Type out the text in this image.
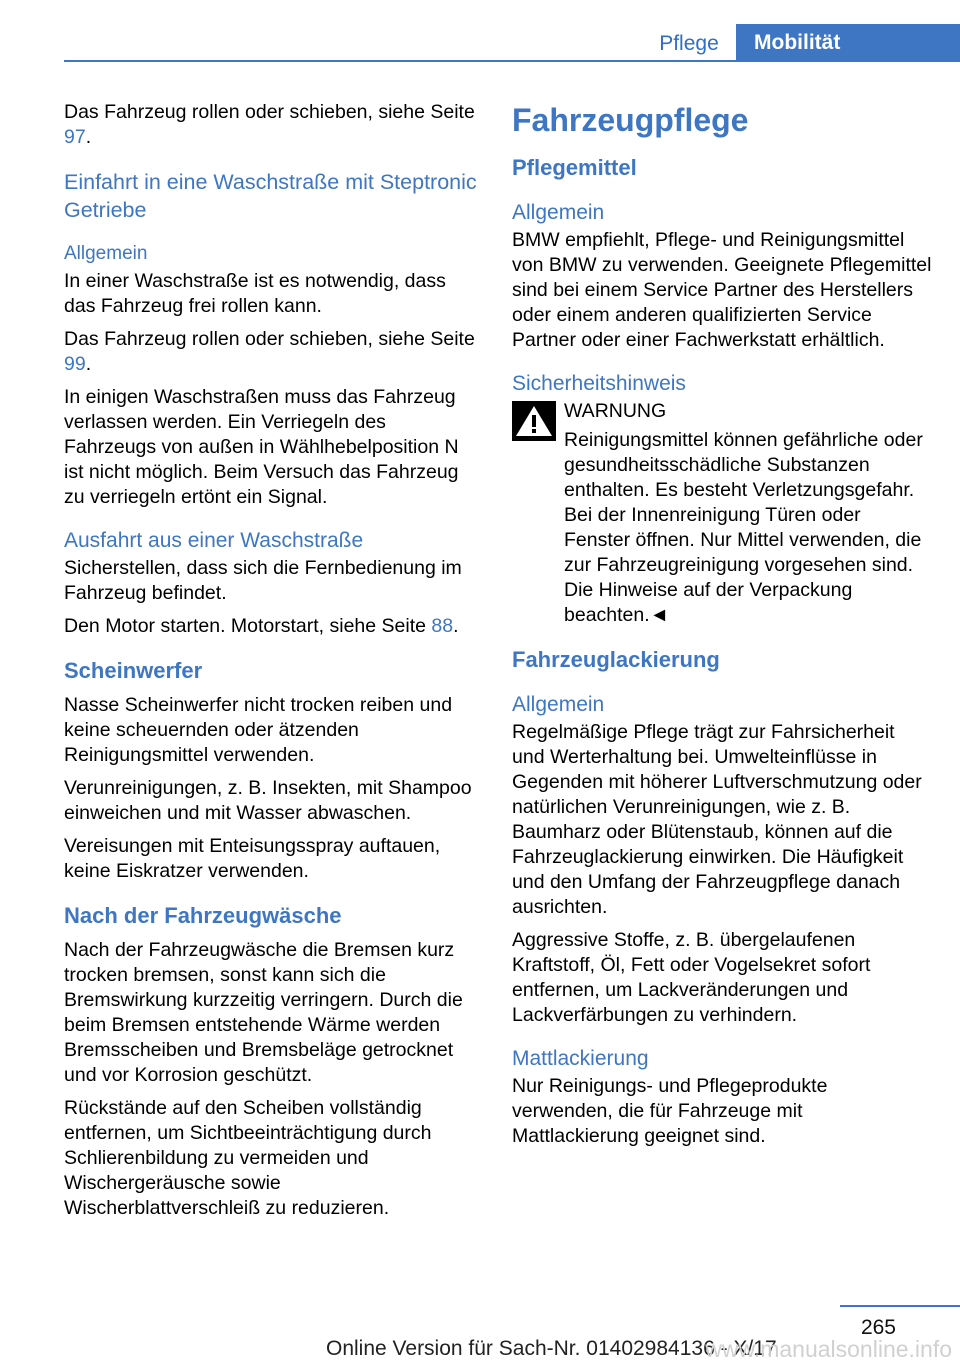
Pflege	Mobilität

Das Fahrzeug rollen oder schieben, siehe Seite 97.

Einfahrt in eine Waschstraße mit Steptronic Getriebe
Allgemein

In einer Waschstraße ist es notwendig, dass das Fahrzeug frei rollen kann.

Das Fahrzeug rollen oder schieben, siehe Seite 99.

In einigen Waschstraßen muss das Fahrzeug verlassen werden. Ein Verriegeln des Fahrzeugs von außen in Wählhebelposition N ist nicht möglich. Beim Versuch das Fahrzeug zu verriegeln ertönt ein Signal.

Ausfahrt aus einer Waschstraße

Sicherstellen, dass sich die Fernbedienung im Fahrzeug befindet.

Den Motor starten. Motorstart, siehe Seite 88.

Scheinwerfer

Nasse Scheinwerfer nicht trocken reiben und keine scheuernden oder ätzenden Reinigungsmittel verwenden.

Verunreinigungen, z. B. Insekten, mit Shampoo einweichen und mit Wasser abwaschen.

Vereisungen mit Enteisungsspray auftauen, keine Eiskratzer verwenden.

Nach der Fahrzeugwäsche

Nach der Fahrzeugwäsche die Bremsen kurz trocken bremsen, sonst kann sich die Bremswirkung kurzzeitig verringern. Durch die beim Bremsen entstehende Wärme werden Bremsscheiben und Bremsbeläge getrocknet und vor Korrosion geschützt.

Rückstände auf den Scheiben vollständig entfernen, um Sichtbeeinträchtigung durch Schlierenbildung zu vermeiden und Wischergeräusche sowie Wischerblattverschleiß zu reduzieren.

Fahrzeugpflege
Pflegemittel
Allgemein

BMW empfiehlt, Pflege- und Reinigungsmittel von BMW zu verwenden. Geeignete Pflegemittel sind bei einem Service Partner des Herstellers oder einem anderen qualifizierten Service Partner oder einer Fachwerkstatt erhältlich.

Sicherheitshinweis
WARNUNG

Reinigungsmittel können gefährliche oder gesundheitsschädliche Substanzen enthalten. Es besteht Verletzungsgefahr. Bei der Innenreinigung Türen oder Fenster öffnen. Nur Mittel verwenden, die zur Fahrzeugreinigung vorgesehen sind. Die Hinweise auf der Verpackung beachten.◄

Fahrzeuglackierung
Allgemein

Regelmäßige Pflege trägt zur Fahrsicherheit und Werterhaltung bei. Umwelteinflüsse in Gegenden mit höherer Luftverschmutzung oder natürlichen Verunreinigungen, wie z. B. Baumharz oder Blütenstaub, können auf die Fahrzeuglackierung einwirken. Die Häufigkeit und den Umfang der Fahrzeugpflege danach ausrichten.

Aggressive Stoffe, z. B. übergelaufenen Kraftstoff, Öl, Fett oder Vogelsekret sofort entfernen, um Lackveränderungen und Lackverfärbungen zu verhindern.

Mattlackierung

Nur Reinigungs- und Pflegeprodukte verwenden, die für Fahrzeuge mit Mattlackierung geeignet sind.

265
Online Version für Sach-Nr. 01402984136 - X/17
www.manualsonline.info
